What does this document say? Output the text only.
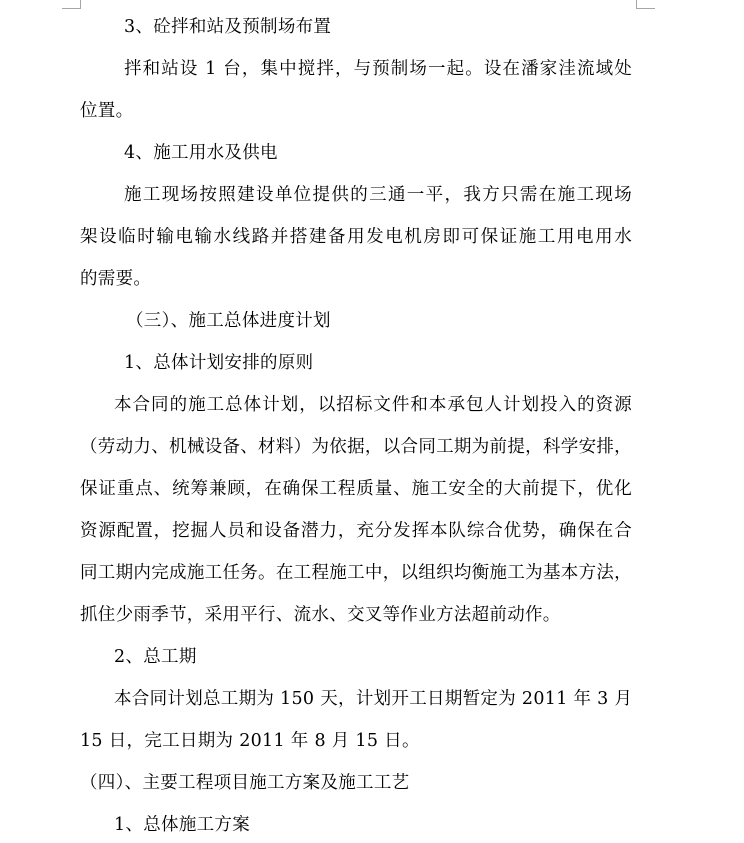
3、砼拌和站及预制场布置
拌和站设 1 台，集中搅拌，与预制场一起。设在潘家洼流域处
位置。
4、施工用水及供电
施工现场按照建设单位提供的三通一平，我方只需在施工现场
架设临时输电输水线路并搭建备用发电机房即可保证施工用电用水
的需要。
（三）、施工总体进度计划
1、总体计划安排的原则
本合同的施工总体计划，以招标文件和本承包人计划投入的资源
（劳动力、机械设备、材料）为依据，以合同工期为前提，科学安排，
保证重点、统筹兼顾，在确保工程质量、施工安全的大前提下，优化
资源配置，挖掘人员和设备潜力，充分发挥本队综合优势，确保在合
同工期内完成施工任务。在工程施工中，以组织均衡施工为基本方法，
抓住少雨季节，采用平行、流水、交叉等作业方法超前动作。
2、总工期
本合同计划总工期为 150 天，计划开工日期暂定为 2011 年 3 月
15 日，完工日期为 2011 年 8 月 15 日。
（四）、主要工程项目施工方案及施工工艺
1、总体施工方案
